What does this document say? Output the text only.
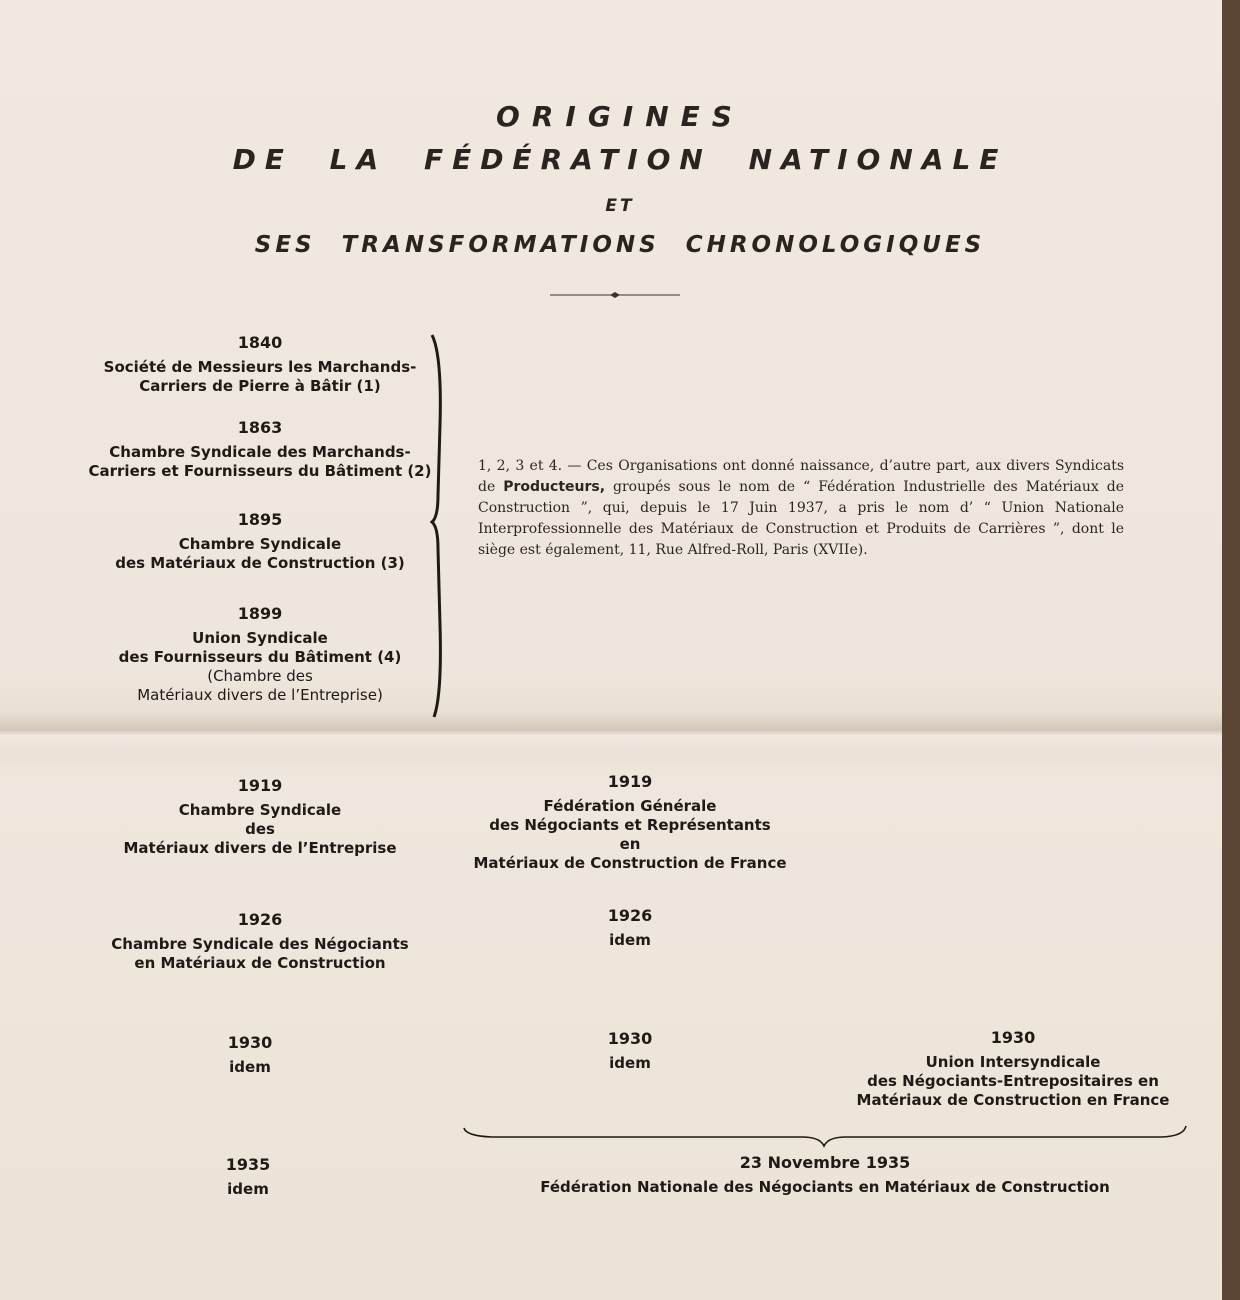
ORIGINES
DE LA FÉDÉRATION NATIONALE
ET
SES TRANSFORMATIONS CHRONOLOGIQUES
1840
Société de Messieurs les Marchands-
Carriers de Pierre à Bâtir (1)
1863
Chambre Syndicale des Marchands-
Carriers et Fournisseurs du Bâtiment (2)
1895
Chambre Syndicale
des Matériaux de Construction (3)
1899
Union Syndicale
des Fournisseurs du Bâtiment (4)
(Chambre des
Matériaux divers de l’Entreprise)
1, 2, 3 et 4. — Ces Organisations ont donné naissance, d’autre part, aux divers Syndicats de Producteurs, groupés sous le nom de “ Fédération Industrielle des Matériaux de Construction ”, qui, depuis le 17 Juin 1937, a pris le nom d’ “ Union Nationale Interprofessionnelle des Matériaux de Construction et Produits de Carrières ”, dont le siège est également, 11, Rue Alfred-Roll, Paris (XVIIe).
1919
Chambre Syndicale
des
Matériaux divers de l’Entreprise
1926
Chambre Syndicale des Négociants
en Matériaux de Construction
1930
idem
1935
idem
1919
Fédération Générale
des Négociants et Représentants
en
Matériaux de Construction de France
1926
idem
1930
idem
1930
Union Intersyndicale
des Négociants-Entrepositaires en
Matériaux de Construction en France
23 Novembre 1935
Fédération Nationale des Négociants en Matériaux de Construction
